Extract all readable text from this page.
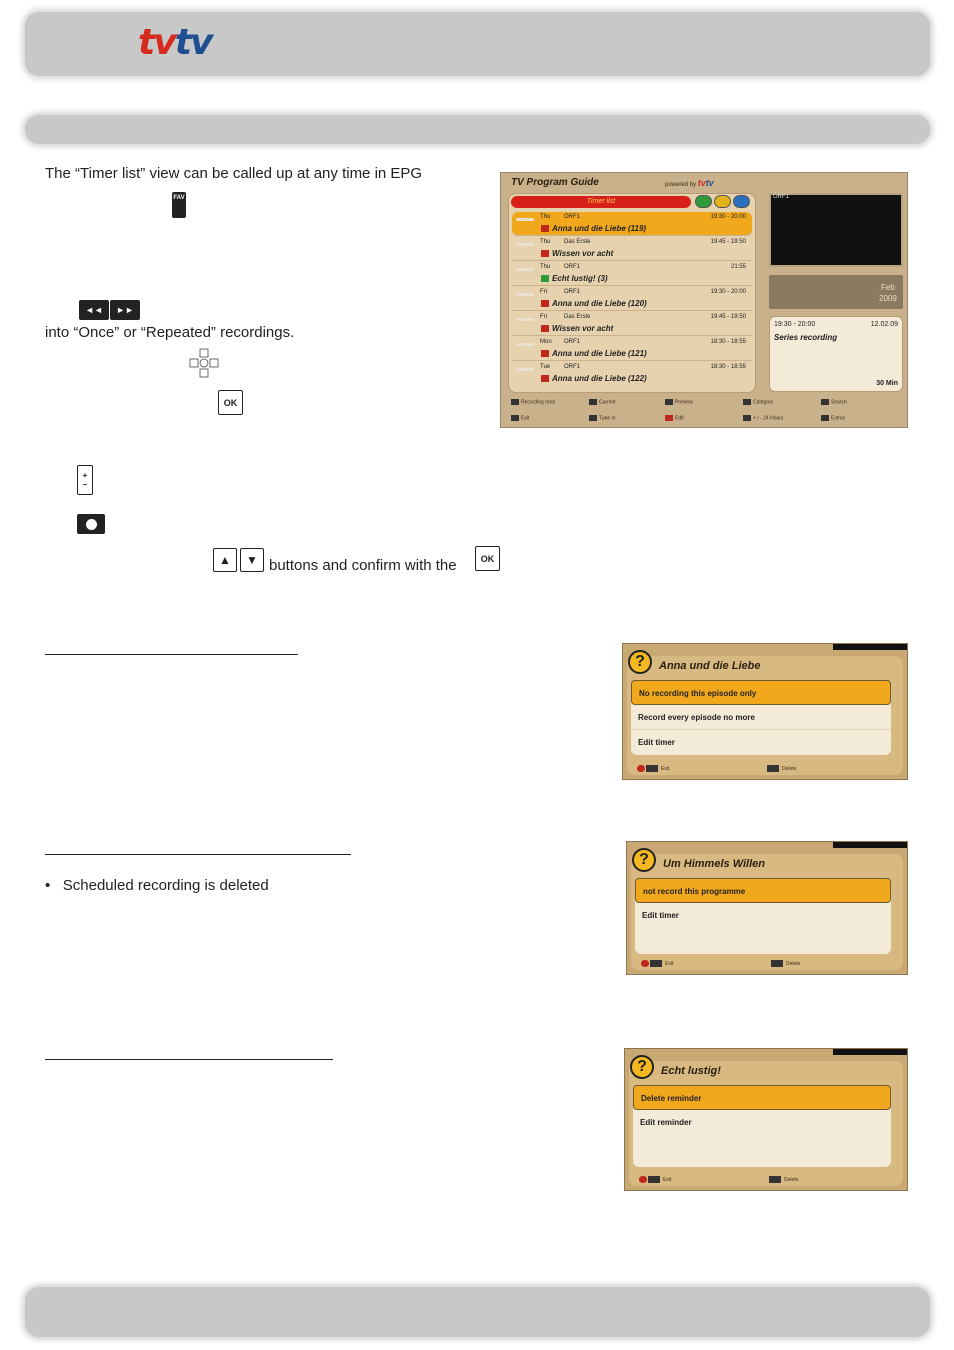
tvtv
The “Timer list” view can be called up at any time in EPG
FAV
◄◄ ►►
into “Once” or “Repeated” recordings.
OK
+
–
▲ ▼ buttons and confirm with the	OK
•   Scheduled recording is deleted
TV Program Guide	powered by tvtv
Timer list
Thu ORF1	19:30 - 20:00
Anna und die Liebe (119)
Thu Das Erste	19:45 - 19:50
Wissen vor acht
Thu ORF1	21:55
Echt lustig! (3)
Fri	ORF1	19:30 - 20:00
Anna und die Liebe (120)
Fri	Das Erste	19:45 - 19:50
Wissen vor acht
Mon ORF1	18:30 - 18:55
Anna und die Liebe (121)
Tue ORF1	18:30 - 18:55
Anna und die Liebe (122)
ORF1
Feb
2009
19:30 - 20:00	12.02.09
Series recording
30 Min
Recording mod	Current	Preview	Category	Search
Exit	Tune in	Edit	+ / - 24 Hours	Extras
?	Anna und die Liebe
No recording this episode only
Record every episode no more
Edit timer
Exit	Delete
?	Um Himmels Willen
not record this programme
Edit timer
Exit	Delete
?	Echt lustig!
Delete reminder
Edit reminder
Exit	Delete
